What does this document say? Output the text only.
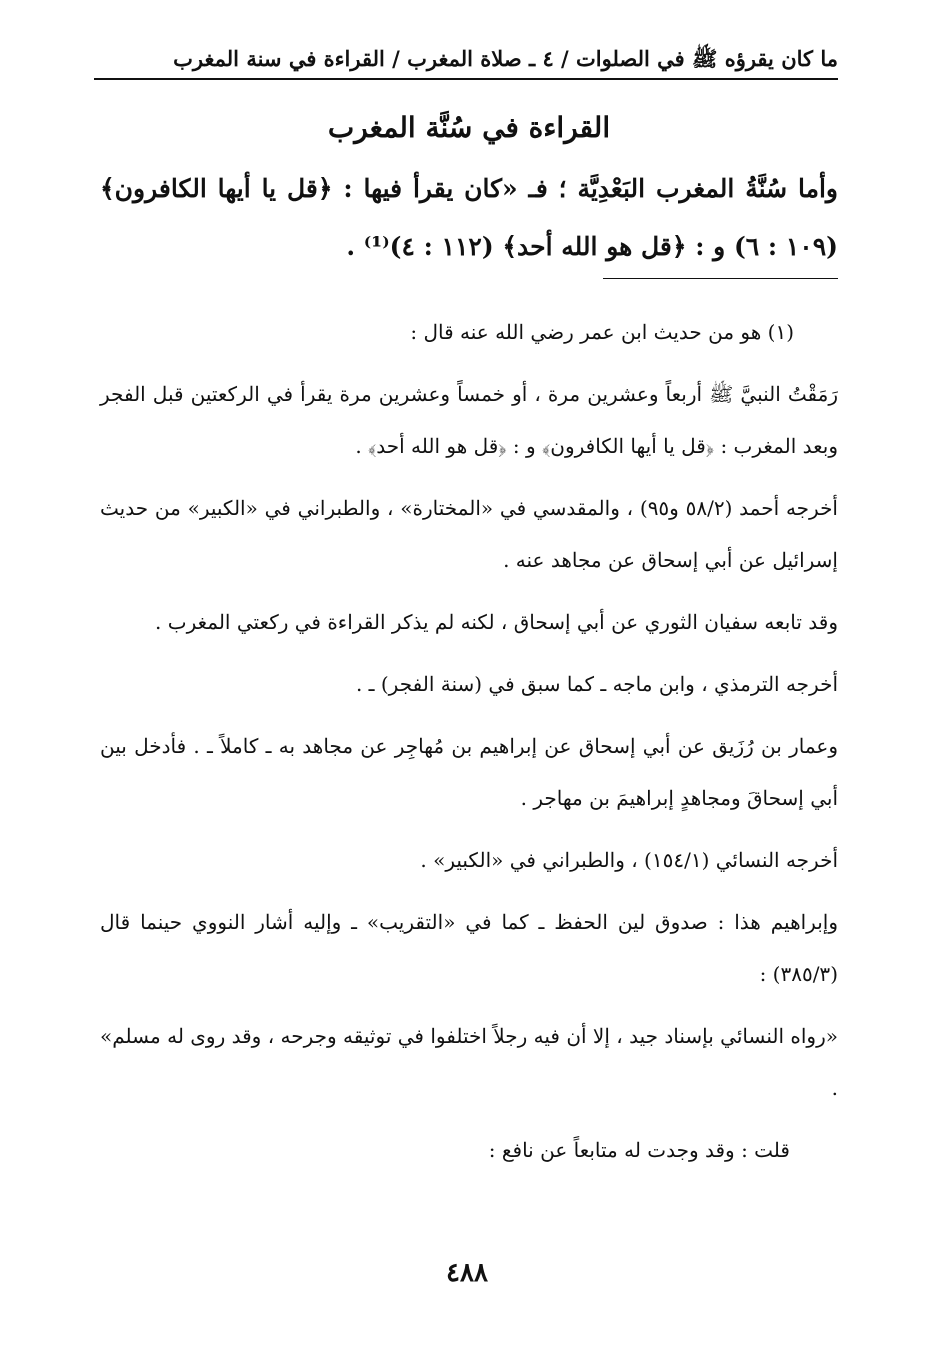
ما كان يقرؤه ﷺ في الصلوات / ٤ ـ صلاة المغرب / القراءة في سنة المغرب
القراءة في سُنَّة المغرب
وأما سُنَّةُ المغرب البَعْدِيَّة ؛ فـ «كان يقرأ فيها : ﴿قل يا أيها الكافرون﴾ (١٠٩ : ٦) و : ﴿قل هو الله أحد﴾ (١١٢ : ٤)⁽¹⁾ .

(١) هو من حديث ابن عمر رضي الله عنه قال :

رَمَقْتُ النبيَّ ﷺ أربعاً وعشرين مرة ، أو خمساً وعشرين مرة يقرأ في الركعتين قبل الفجر وبعد المغرب : ﴿قل يا أيها الكافرون﴾ و : ﴿قل هو الله أحد﴾ .

أخرجه أحمد (٥٨/٢ و٩٥) ، والمقدسي في «المختارة» ، والطبراني في «الكبير» من حديث إسرائيل عن أبي إسحاق عن مجاهد عنه .

وقد تابعه سفيان الثوري عن أبي إسحاق ، لكنه لم يذكر القراءة في ركعتي المغرب .

أخرجه الترمذي ، وابن ماجه ـ كما سبق في (سنة الفجر) ـ .

وعمار بن رُزَيق عن أبي إسحاق عن إبراهيم بن مُهاجِر عن مجاهد به ـ كاملاً ـ . فأدخل بين أبي إسحاقَ ومجاهدٍ إبراهيمَ بن مهاجر .

أخرجه النسائي (١٥٤/١) ، والطبراني في «الكبير» .

وإبراهيم هذا : صدوق لين الحفظ ـ كما في «التقريب» ـ وإليه أشار النووي حينما قال (٣٨٥/٣) :

«رواه النسائي بإسناد جيد ، إلا أن فيه رجلاً اختلفوا في توثيقه وجرحه ، وقد روى له مسلم» .

قلت : وقد وجدت له متابعاً عن نافع :

٤٨٨
